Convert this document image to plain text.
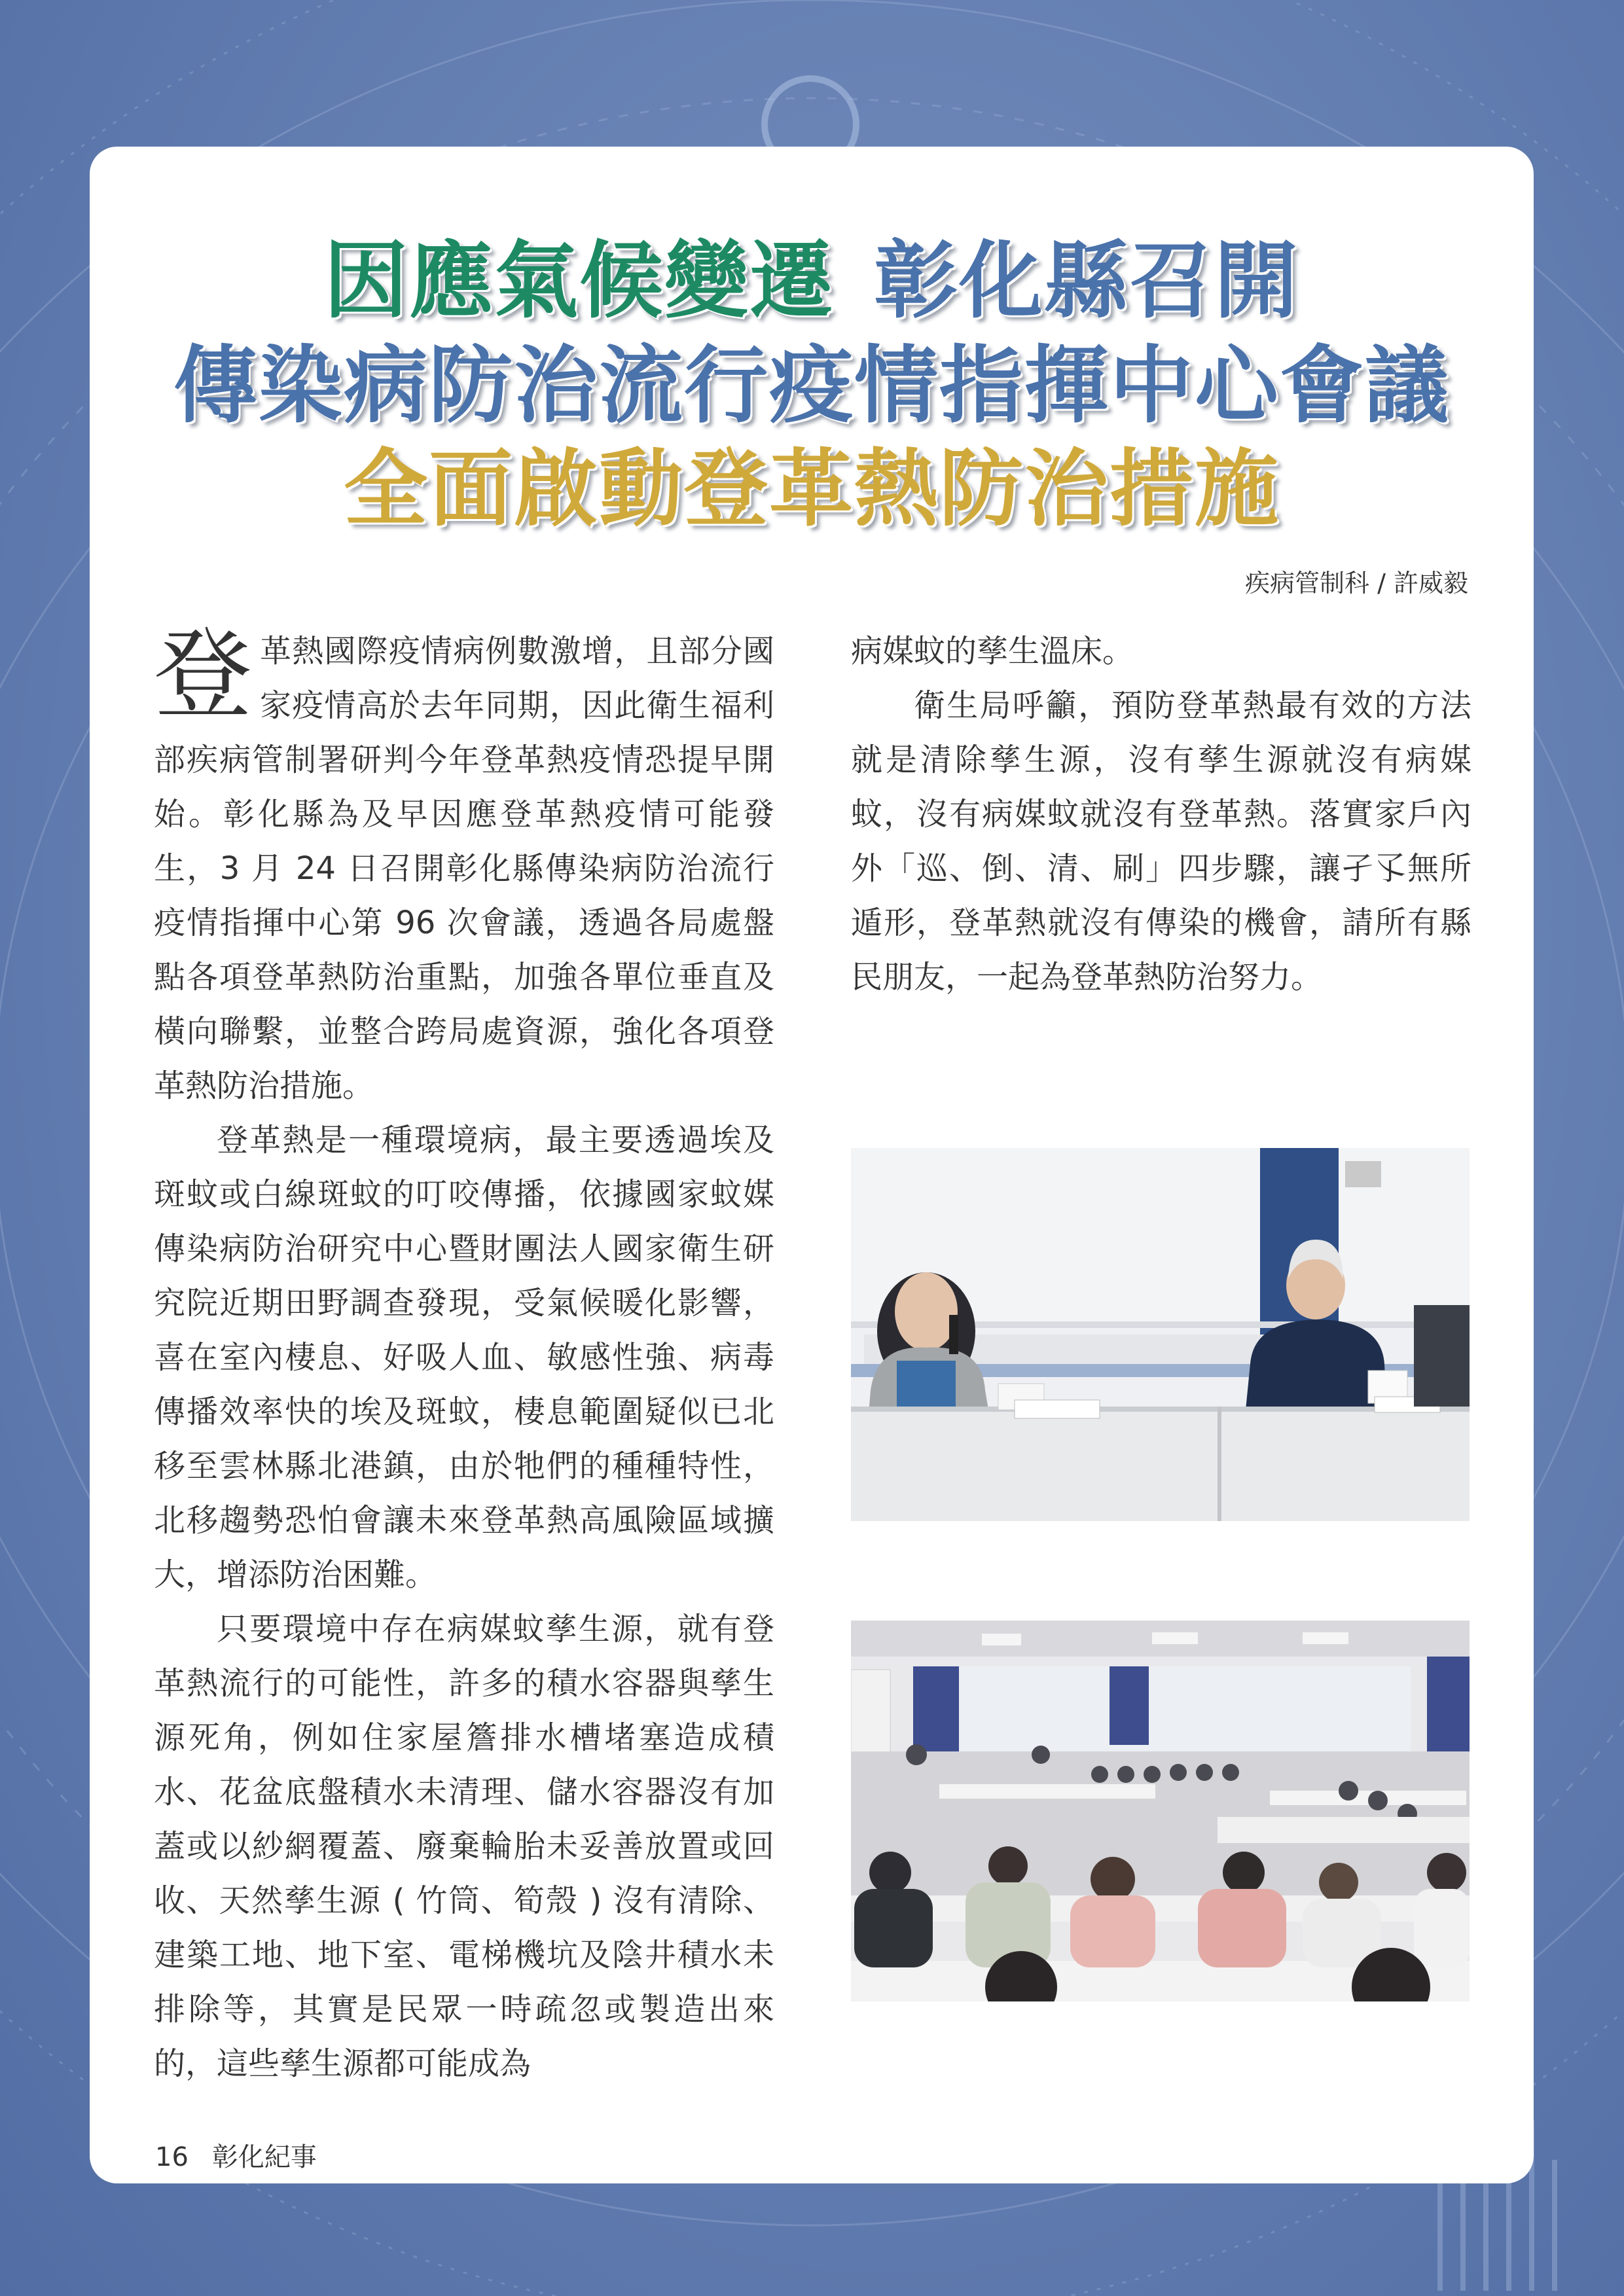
因應氣候變遷 彰化縣召開
傳染病防治流行疫情指揮中心會議
全面啟動登革熱防治措施

疾病管制科 / 許威毅

登革熱國際疫情病例數激增，且部分國家疫情高於去年同期，因此衛生福利部疾病管制署研判今年登革熱疫情恐提早開始。彰化縣為及早因應登革熱疫情可能發生，3 月 24 日召開彰化縣傳染病防治流行疫情指揮中心第 96 次會議，透過各局處盤點各項登革熱防治重點，加強各單位垂直及橫向聯繫，並整合跨局處資源，強化各項登革熱防治措施。

登革熱是一種環境病，最主要透過埃及斑蚊或白線斑蚊的叮咬傳播，依據國家蚊媒傳染病防治研究中心暨財團法人國家衛生研究院近期田野調查發現，受氣候暖化影響，喜在室內棲息、好吸人血、敏感性強、病毒傳播效率快的埃及斑蚊，棲息範圍疑似已北移至雲林縣北港鎮，由於牠們的種種特性，北移趨勢恐怕會讓未來登革熱高風險區域擴大，增添防治困難。

只要環境中存在病媒蚊孳生源，就有登革熱流行的可能性，許多的積水容器與孳生源死角，例如住家屋簷排水槽堵塞造成積水、花盆底盤積水未清理、儲水容器沒有加蓋或以紗網覆蓋、廢棄輪胎未妥善放置或回收、天然孳生源 ( 竹筒、筍殼 ) 沒有清除、建築工地、地下室、電梯機坑及陰井積水未排除等，其實是民眾一時疏忽或製造出來的，這些孳生源都可能成為

病媒蚊的孳生溫床。

衛生局呼籲，預防登革熱最有效的方法就是清除孳生源，沒有孳生源就沒有病媒蚊，沒有病媒蚊就沒有登革熱。落實家戶內外「巡、倒、清、刷」四步驟，讓孑孓無所遁形，登革熱就沒有傳染的機會，請所有縣民朋友，一起為登革熱防治努力。

16 彰化紀事
